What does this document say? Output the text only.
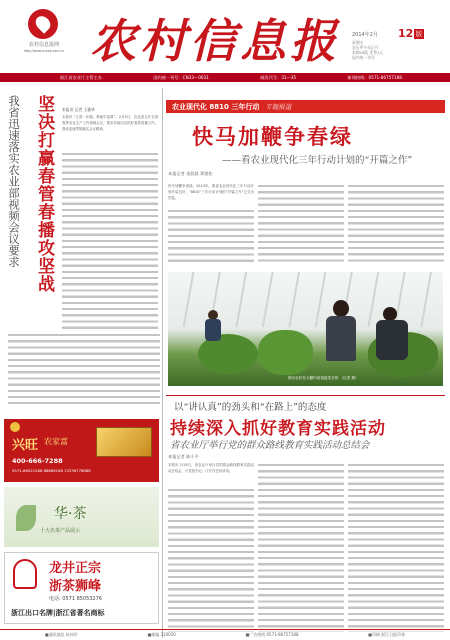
农村信息报网
http://www.ncxxb.com.cn 农村信息报 2014年2月 12 版
星期五
农历甲午年正月
本期16版 零售1元
国内统一刊号
浙江省农业厅主管主办	国内统一刊号：CN33—0031	邮发代号：31—35	新闻热线：0571-86757188
坚决打赢春管春播攻坚战
我省迅速落实农业部视频会议要求	本报讯 记者 王雅华
本报讯 “立春一年端，种地早盘算”。2月5日，农业部召开全国春季农业生产工作视频会议，要求各地切实抓好春管春播工作。我省迅速贯彻落实会议精神。
农业现代化 8810 三年行动 专题报道
快马加鞭争春绿
——看农业现代化三年行动计划的“开篇之作”
本报记者 金晨晨 郑建松
快马加鞭争春绿。2013年，我省农业现代化三年行动计划开局良好，“8810”三年行动计划的“开篇之作”已交出答卷。
图为农民在大棚内查看蔬菜长势 （记者 摄）
以“讲认真”的劲头和“在路上”的态度
持续深入抓好教育实践活动
省农业厅举行党的群众路线教育实践活动总结会
本报记者 陈小平
本报讯 2月8日，省农业厅举行党的群众路线教育实践活动总结会，厅党组书记、厅长作总结讲话。
兴旺 农家富
400-666-7288
0571-86521288 88666168 13336778888
华·茶
十大名茶产品展示
龙井正宗
浙茶狮峰
电话: 0571 85053276
浙江出口名牌|浙江省著名商标
■通讯地址 杭州市	■邮编 310020	■广告热线 0571-86757188	■印刷 浙江日报印务
